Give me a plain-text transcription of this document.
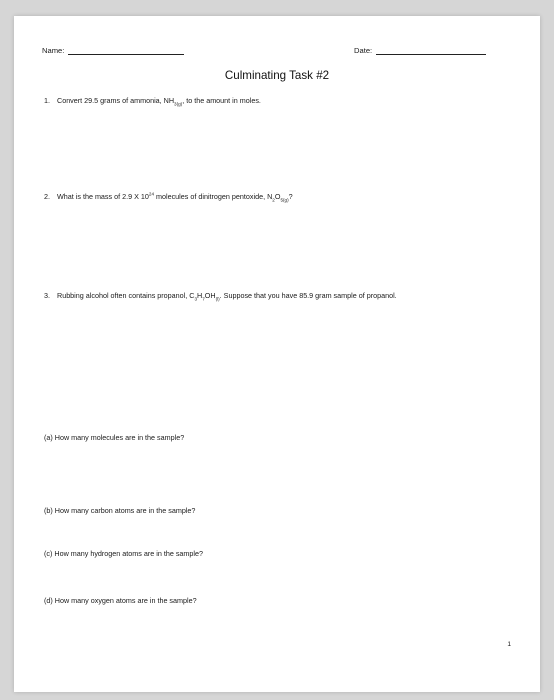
Name:	Date:
Culminating Task #2
1. Convert 29.5 grams of ammonia, $NH_{3(g)}$, to the amount in moles.
2. What is the mass of 2.9 X $10^{24}$ molecules of dinitrogen pentoxide, $N_2O_{5(g)}$?
3. Rubbing alcohol often contains propanol, $C_3H_7OH_{(l)}$. Suppose that you have 85.9 gram sample of propanol.
(a) How many molecules are in the sample?
(b) How many carbon atoms are in the sample?
(c) How many hydrogen atoms are in the sample?
(d) How many oxygen atoms are in the sample?
1
